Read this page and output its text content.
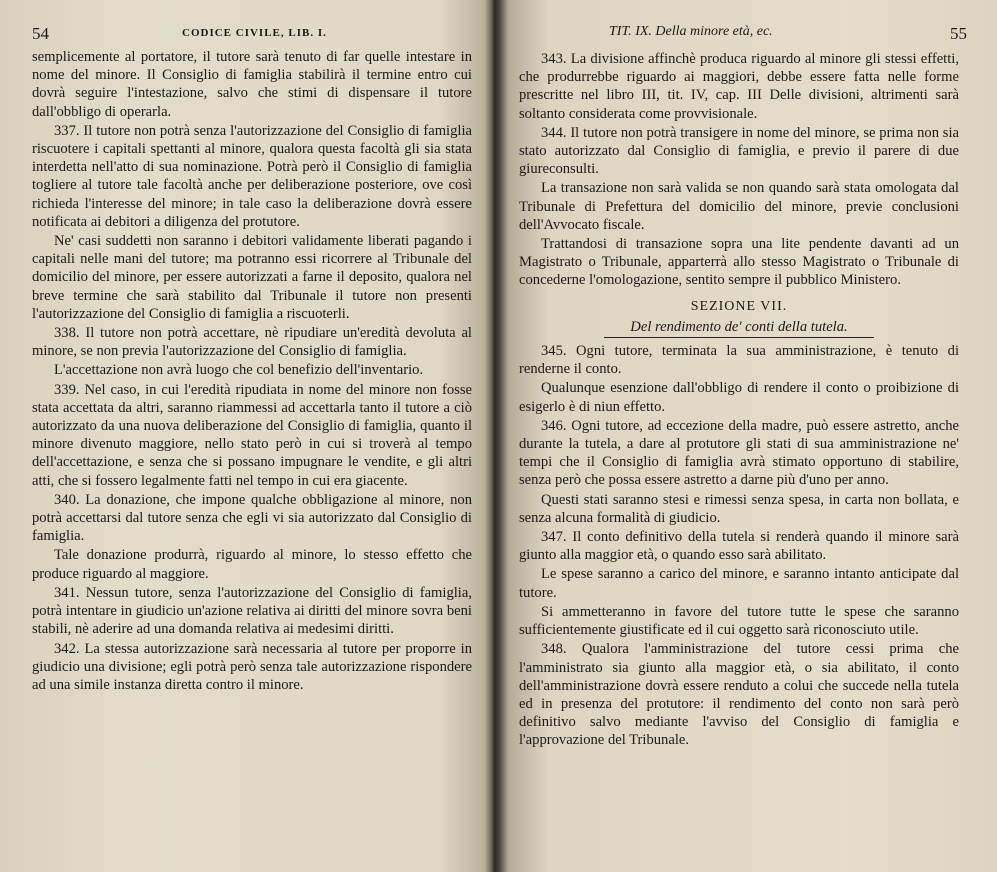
54	CODICE CIVILE, LIB. I.

semplicemente al portatore, il tutore sarà tenuto di far quelle intestare in nome del minore. Il Consiglio di famiglia stabilirà il termine entro cui dovrà seguire l'intestazione, salvo che stimi di dispensare il tutore dall'obbligo di operarla.

337. Il tutore non potrà senza l'autorizzazione del Consiglio di famiglia riscuotere i capitali spettanti al minore, qualora questa facoltà gli sia stata interdetta nell'atto di sua nominazione. Potrà però il Consiglio di famiglia togliere al tutore tale facoltà anche per deliberazione posteriore, ove così richieda l'interesse del minore; in tale caso la deliberazione dovrà essere notificata ai debitori a diligenza del protutore.

Ne' casi suddetti non saranno i debitori validamente liberati pagando i capitali nelle mani del tutore; ma potranno essi ricorrere al Tribunale del domicilio del minore, per essere autorizzati a farne il deposito, qualora nel breve termine che sarà stabilito dal Tribunale il tutore non presenti l'autorizzazione del Consiglio di famiglia a riscuoterli.

338. Il tutore non potrà accettare, nè ripudiare un'eredità devoluta al minore, se non previa l'autorizzazione del Consiglio di famiglia.

L'accettazione non avrà luogo che col benefizio dell'inventario.

339. Nel caso, in cui l'eredità ripudiata in nome del minore non fosse stata accettata da altri, saranno riammessi ad accettarla tanto il tutore a ciò autorizzato da una nuova deliberazione del Consiglio di famiglia, quanto il minore divenuto maggiore, nello stato però in cui si troverà al tempo dell'accettazione, e senza che si possano impugnare le vendite, e gli altri atti, che si fossero legalmente fatti nel tempo in cui era giacente.

340. La donazione, che impone qualche obbligazione al minore, non potrà accettarsi dal tutore senza che egli vi sia autorizzato dal Consiglio di famiglia.

Tale donazione produrrà, riguardo al minore, lo stesso effetto che produce riguardo al maggiore.

341. Nessun tutore, senza l'autorizzazione del Consiglio di famiglia, potrà intentare in giudicio un'azione relativa ai diritti del minore sovra beni stabili, nè aderire ad una domanda relativa ai medesimi diritti.

342. La stessa autorizzazione sarà necessaria al tutore per proporre in giudicio una divisione; egli potrà però senza tale autorizzazione rispondere ad una simile instanza diretta contro il minore.

TIT. IX. Della minore età, ec.	55

343. La divisione affinchè produca riguardo al minore gli stessi effetti, che produrrebbe riguardo ai maggiori, debbe essere fatta nelle forme prescritte nel libro III, tit. IV, cap. III Delle divisioni, altrimenti sarà soltanto considerata come provvisionale.

344. Il tutore non potrà transigere in nome del minore, se prima non sia stato autorizzato dal Consiglio di famiglia, e previo il parere di due giureconsulti.

La transazione non sarà valida se non quando sarà stata omologata dal Tribunale di Prefettura del domicilio del minore, previe conclusioni dell'Avvocato fiscale.

Trattandosi di transazione sopra una lite pendente davanti ad un Magistrato o Tribunale, apparterrà allo stesso Magistrato o Tribunale di concederne l'omologazione, sentito sempre il pubblico Ministero.

SEZIONE VII.
Del rendimento de' conti della tutela.

345. Ogni tutore, terminata la sua amministrazione, è tenuto di renderne il conto.

Qualunque esenzione dall'obbligo di rendere il conto o proibizione di esigerlo è di niun effetto.

346. Ogni tutore, ad eccezione della madre, può essere astretto, anche durante la tutela, a dare al protutore gli stati di sua amministrazione ne' tempi che il Consiglio di famiglia avrà stimato opportuno di stabilire, senza però che possa essere astretto a darne più d'uno per anno.

Questi stati saranno stesi e rimessi senza spesa, in carta non bollata, e senza alcuna formalità di giudicio.

347. Il conto definitivo della tutela si renderà quando il minore sarà giunto alla maggior età, o quando esso sarà abilitato.

Le spese saranno a carico del minore, e saranno intanto anticipate dal tutore.

Si ammetteranno in favore del tutore tutte le spese che saranno sufficientemente giustificate ed il cui oggetto sarà riconosciuto utile.

348. Qualora l'amministrazione del tutore cessi prima che l'amministrato sia giunto alla maggior età, o sia abilitato, il conto dell'amministrazione dovrà essere renduto a colui che succede nella tutela ed in presenza del protutore: il rendimento del conto non sarà però definitivo salvo mediante l'avviso del Consiglio di famiglia e l'approvazione del Tribunale.
